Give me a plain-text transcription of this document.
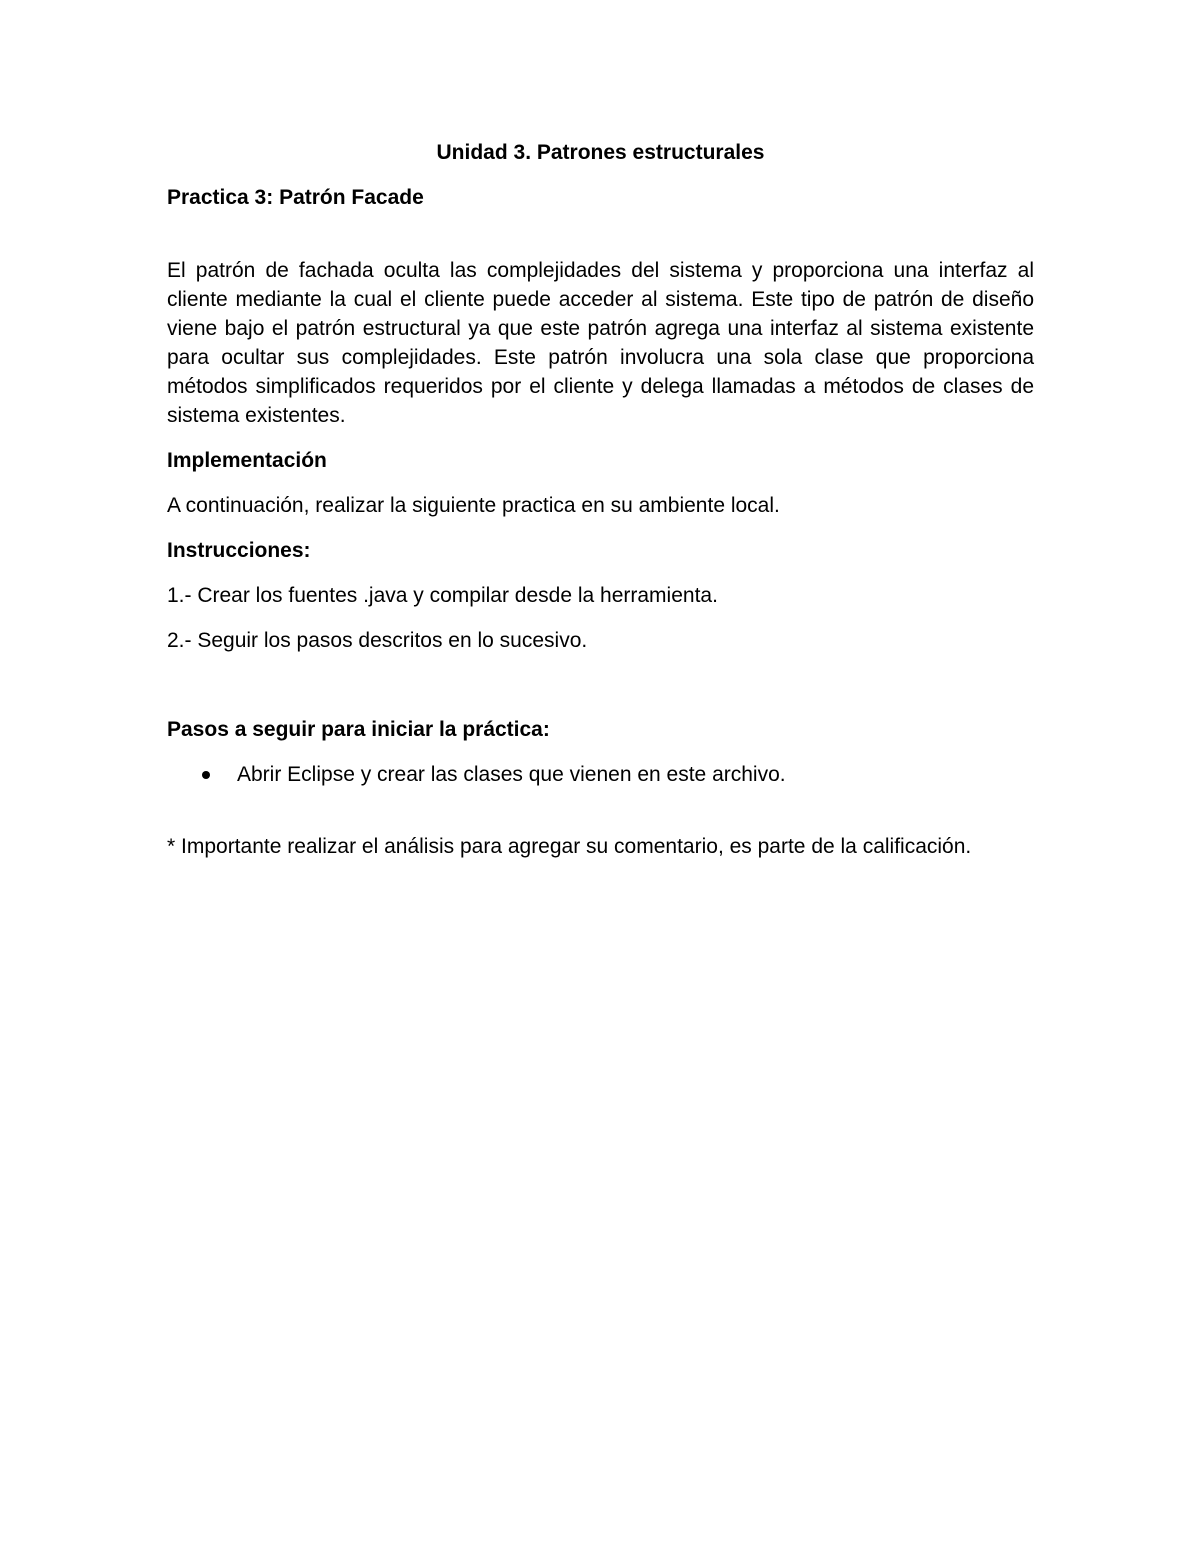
Unidad 3. Patrones estructurales
Practica 3: Patrón Facade
El patrón de fachada oculta las complejidades del sistema y proporciona una interfaz al cliente mediante la cual el cliente puede acceder al sistema. Este tipo de patrón de diseño viene bajo el patrón estructural ya que este patrón agrega una interfaz al sistema existente para ocultar sus complejidades. Este patrón involucra una sola clase que proporciona métodos simplificados requeridos por el cliente y delega llamadas a métodos de clases de sistema existentes.
Implementación
A continuación, realizar la siguiente practica en su ambiente local.
Instrucciones:
1.- Crear los fuentes .java y compilar desde la herramienta.
2.- Seguir los pasos descritos en lo sucesivo.
Pasos a seguir para iniciar la práctica:
Abrir Eclipse y crear las clases que vienen en este archivo.
* Importante realizar el análisis para agregar su comentario, es parte de la calificación.
